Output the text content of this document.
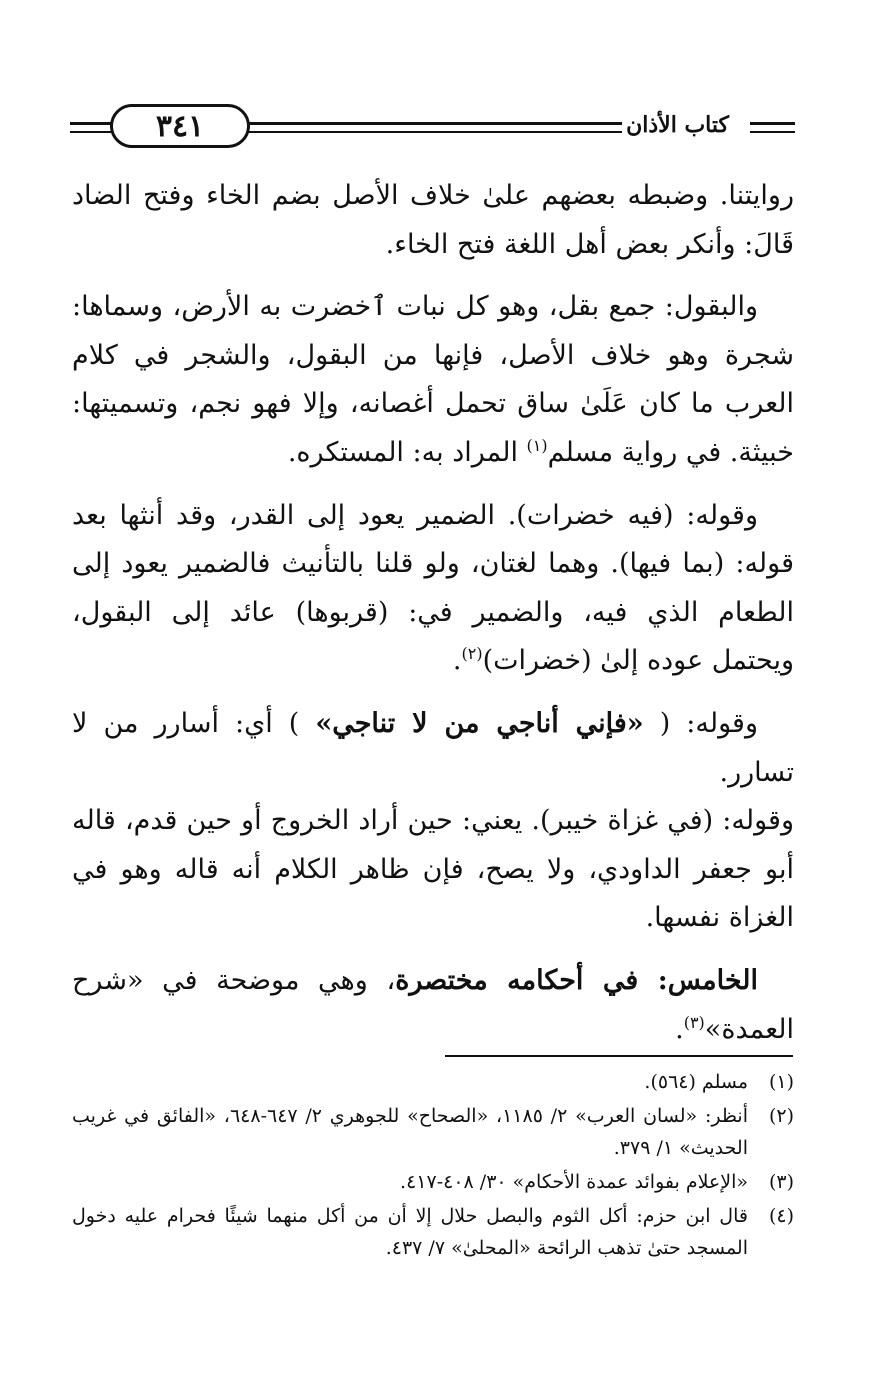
٣٤١	كتاب الأذان

روايتنا. وضبطه بعضهم علىٰ خلاف الأصل بضم الخاء وفتح الضاد قَالَ: وأنكر بعض أهل اللغة فتح الخاء.

والبقول: جمع بقل، وهو كل نبات ٱخضرت به الأرض، وسماها: شجرة وهو خلاف الأصل، فإنها من البقول، والشجر في كلام العرب ما كان عَلَىٰ ساق تحمل أغصانه، وإلا فهو نجم، وتسميتها: خبيثة. في رواية مسلم$^{(١)}$ المراد به: المستكره.

وقوله: (فيه خضرات). الضمير يعود إلى القدر، وقد أنثها بعد قوله: (بما فيها). وهما لغتان، ولو قلنا بالتأنيث فالضمير يعود إلى الطعام الذي فيه، والضمير في: (قربوها) عائد إلى البقول، ويحتمل عوده إلىٰ (خضرات)$^{(٢)}$.

وقوله: ( «فإني أناجي من لا تناجي» ) أي: أسارر من لا تسارر.

وقوله: (في غزاة خيبر). يعني: حين أراد الخروج أو حين قدم، قاله أبو جعفر الداودي، ولا يصح، فإن ظاهر الكلام أنه قاله وهو في الغزاة نفسها.

الخامس: في أحكامه مختصرة، وهي موضحة في «شرح العمدة»$^{(٣)}$.

(١)
مسلم (٥٦٤).
(٢)
أنظر: «لسان العرب» ٢/ ١١٨٥، «الصحاح» للجوهري ٢/ ٦٤٧-٦٤٨، «الفائق في غريب الحديث» ١/ ٣٧٩.
(٣)
«الإعلام بفوائد عمدة الأحكام» ٣٠/ ٤٠٨-٤١٧.
(٤)
قال ابن حزم: أكل الثوم والبصل حلال إلا أن من أكل منهما شيئًا فحرام عليه دخول المسجد حتىٰ تذهب الرائحة «المحلىٰ» ٧/ ٤٣٧.
